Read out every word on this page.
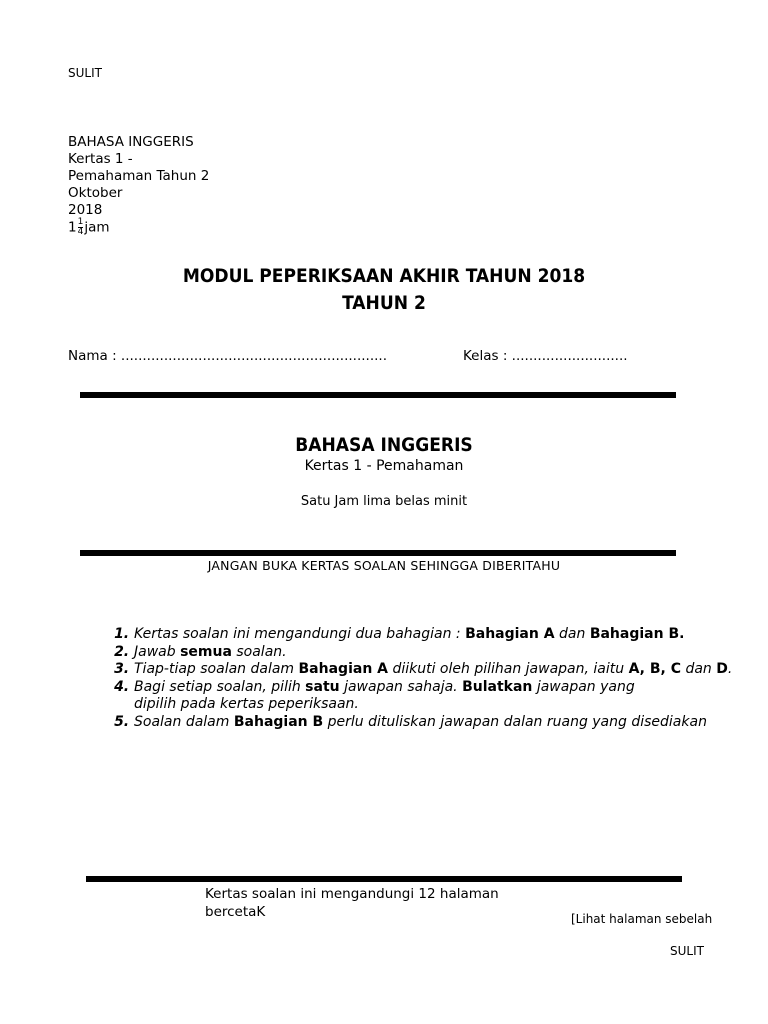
SULIT
BAHASA INGGERIS
Kertas 1 -
Pemahaman Tahun 2
Oktober
2018
$1 \frac{1}{4}$ jam
MODUL PEPERIKSAAN AKHIR TAHUN 2018
TAHUN 2
Nama : ..............................................................	Kelas : ...........................
BAHASA INGGERIS
Kertas 1 - Pemahaman
Satu Jam lima belas minit
JANGAN BUKA KERTAS SOALAN SEHINGGA DIBERITAHU
1. Kertas soalan ini mengandungi dua bahagian : Bahagian A dan Bahagian B.
2. Jawab semua soalan.
3. Tiap-tiap soalan dalam Bahagian A diikuti oleh pilihan jawapan, iaitu A, B, C dan D.
4. Bagi setiap soalan, pilih satu jawapan sahaja. Bulatkan jawapan yang dipilih pada kertas peperiksaan.
5. Soalan dalam Bahagian B perlu dituliskan jawapan dalan ruang yang disediakan
Kertas soalan ini mengandungi 12 halaman
bercetaK	[Lihat halaman sebelah
SULIT
